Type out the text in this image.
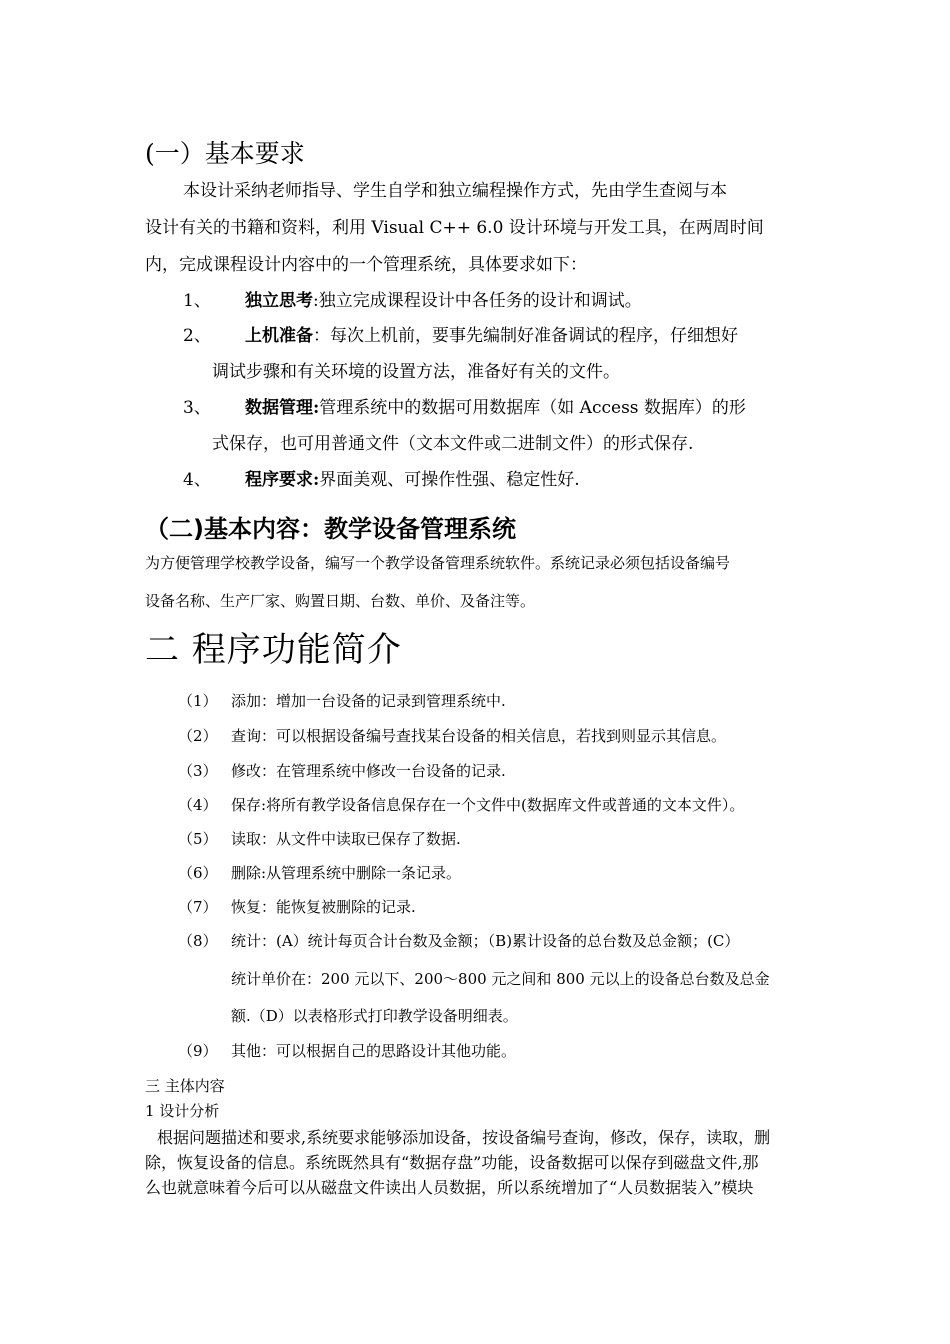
(一）基本要求
本设计采纳老师指导、学生自学和独立编程操作方式，先由学生查阅与本
设计有关的书籍和资料，利用 Visual C++ 6.0 设计环境与开发工具，在两周时间
内，完成课程设计内容中的一个管理系统，具体要求如下：
1、 独立思考:独立完成课程设计中各任务的设计和调试。
2、 上机准备：每次上机前，要事先编制好准备调试的程序，仔细想好
调试步骤和有关环境的设置方法，准备好有关的文件。
3、 数据管理:管理系统中的数据可用数据库（如 Access 数据库）的形
式保存，也可用普通文件（文本文件或二进制文件）的形式保存.
4、 程序要求:界面美观、可操作性强、稳定性好.
（二)基本内容：教学设备管理系统
为方便管理学校教学设备，编写一个教学设备管理系统软件。系统记录必须包括设备编号
设备名称、生产厂家、购置日期、台数、单价、及备注等。
二 程序功能简介
（1） 添加：增加一台设备的记录到管理系统中.
（2） 查询：可以根据设备编号查找某台设备的相关信息，若找到则显示其信息。
（3） 修改：在管理系统中修改一台设备的记录.
（4） 保存:将所有教学设备信息保存在一个文件中(数据库文件或普通的文本文件）。
（5） 读取：从文件中读取已保存了数据.
（6） 删除:从管理系统中删除一条记录。
（7） 恢复：能恢复被删除的记录.
（8） 统计：(A）统计每页合计台数及金额；（B)累计设备的总台数及总金额；(C）
统计单价在：200 元以下、200～800 元之间和 800 元以上的设备总台数及总金
额.（D）以表格形式打印教学设备明细表。
（9） 其他：可以根据自己的思路设计其他功能。
三 主体内容
1 设计分析
根据问题描述和要求,系统要求能够添加设备，按设备编号查询，修改，保存，读取，删
除，恢复设备的信息。系统既然具有“数据存盘”功能，设备数据可以保存到磁盘文件,那
么也就意味着今后可以从磁盘文件读出人员数据，所以系统增加了“人员数据装入”模块
